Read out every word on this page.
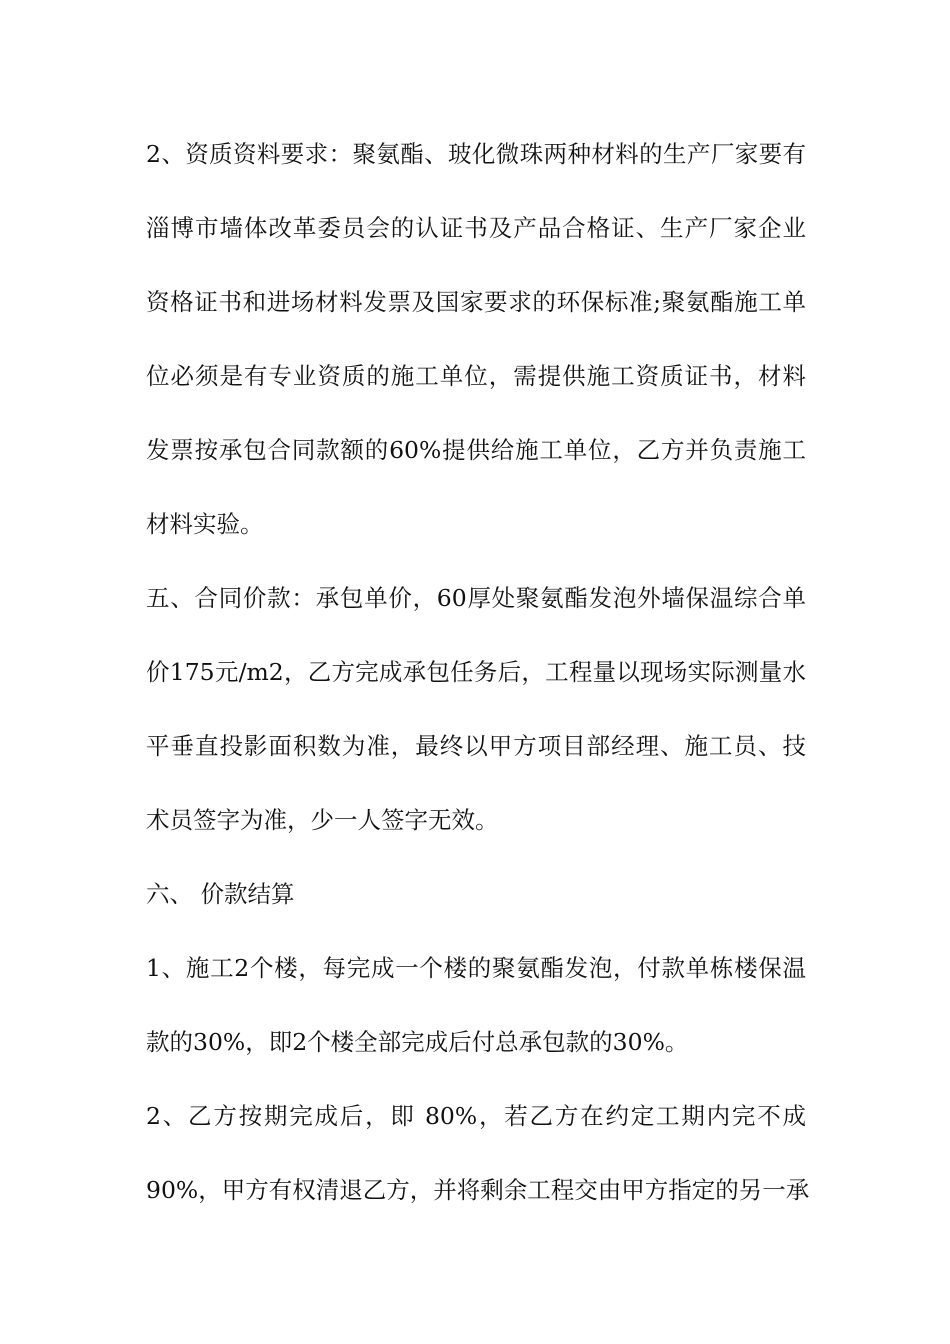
2、资质资料要求：聚氨酯、玻化微珠两种材料的生产厂家要有
淄博市墙体改革委员会的认证书及产品合格证、生产厂家企业
资格证书和进场材料发票及国家要求的环保标准;聚氨酯施工单
位必须是有专业资质的施工单位，需提供施工资质证书，材料
发票按承包合同款额的60%提供给施工单位，乙方并负责施工
材料实验。
五、合同价款：承包单价，60厚处聚氨酯发泡外墙保温综合单
价175元/m2，乙方完成承包任务后，工程量以现场实际测量水
平垂直投影面积数为准，最终以甲方项目部经理、施工员、技
术员签字为准，少一人签字无效。
六、 价款结算
1、施工2个楼，每完成一个楼的聚氨酯发泡，付款单栋楼保温
款的30%，即2个楼全部完成后付总承包款的30%。
2、乙方按期完成后，即 80%，若乙方在约定工期内完不成
90%，甲方有权清退乙方，并将剩余工程交由甲方指定的另一承
